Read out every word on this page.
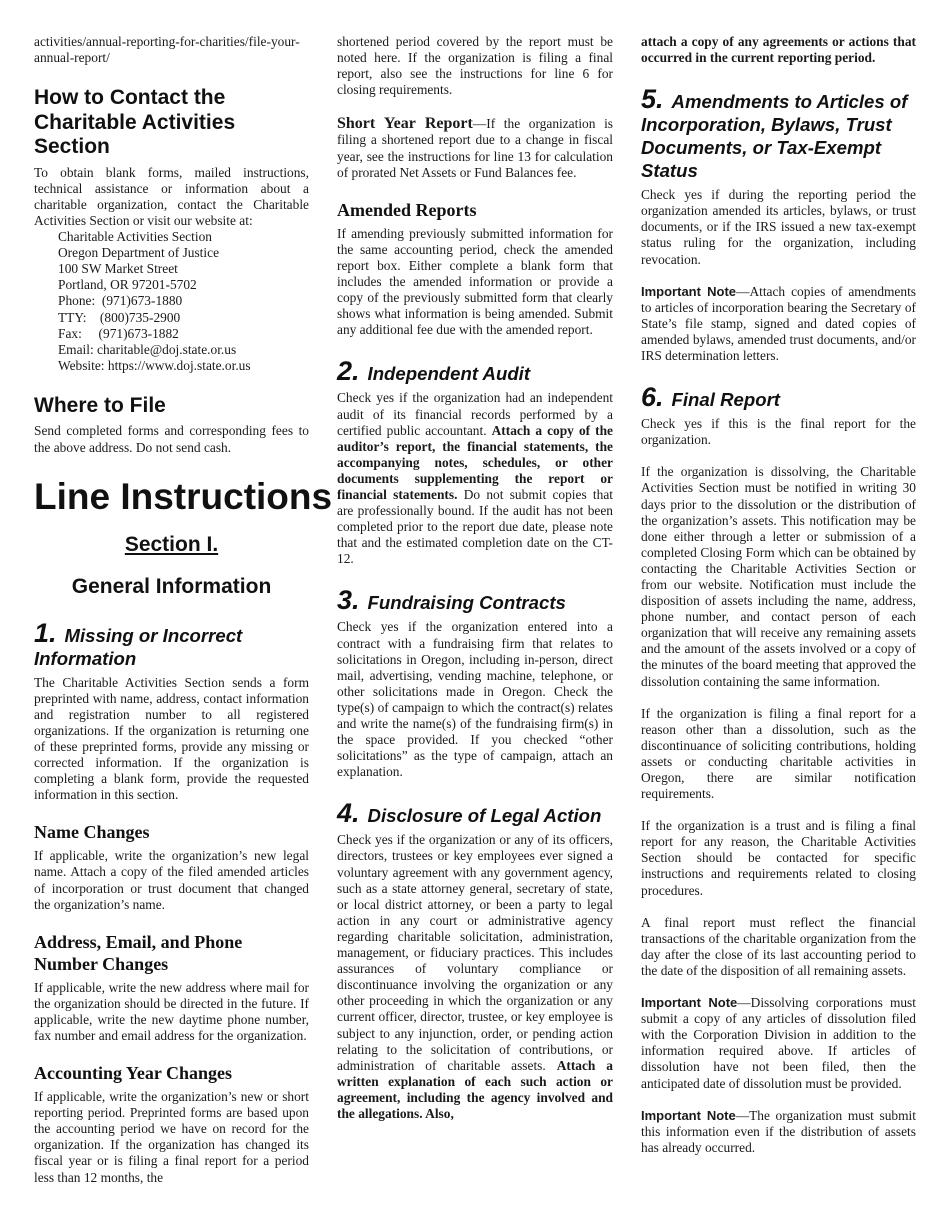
activities/annual-reporting-for-charities/file-your-annual-report/

How to Contact the Charitable Activities Section

To obtain blank forms, mailed instructions, technical assistance or information about a charitable organization, contact the Charitable Activities Section or visit our website at:

Charitable Activities Section
Oregon Department of Justice
100 SW Market Street
Portland, OR 97201-5702
Phone:  (971)673-1880
TTY:    (800)735-2900
Fax:     (971)673-1882
Email: charitable@doj.state.or.us
Website: https://www.doj.state.or.us
Where to File

Send completed forms and corresponding fees to the above address. Do not send cash.

Line Instructions
Section I.
General Information
1. Missing or Incorrect Information

The Charitable Activities Section sends a form preprinted with name, address, contact information and registration number to all registered organizations. If the organization is returning one of these preprinted forms, provide any missing or corrected information. If the organization is completing a blank form, provide the requested information in this section.

Name Changes

If applicable, write the organization’s new legal name. Attach a copy of the filed amended articles of incorporation or trust document that changed the organization’s name.

Address, Email, and Phone Number Changes

If applicable, write the new address where mail for the organization should be directed in the future. If applicable, write the new daytime phone number, fax number and email address for the organization.

Accounting Year Changes

If applicable, write the organization’s new or short reporting period. Preprinted forms are based upon the accounting period we have on record for the organization. If the organization has changed its fiscal year or is filing a final report for a period less than 12 months, the

shortened period covered by the report must be noted here. If the organization is filing a final report, also see the instructions for line 6 for closing requirements.

Short Year Report—If the organization is filing a shortened report due to a change in fiscal year, see the instructions for line 13 for calculation of prorated Net Assets or Fund Balances fee.

Amended Reports

If amending previously submitted information for the same accounting period, check the amended report box. Either complete a blank form that includes the amended information or provide a copy of the previously submitted form that clearly shows what information is being amended. Submit any additional fee due with the amended report.

2. Independent Audit

Check yes if the organization had an independent audit of its financial records performed by a certified public accountant. Attach a copy of the auditor’s report, the financial statements, the accompanying notes, schedules, or other documents supplementing the report or financial statements. Do not submit copies that are professionally bound. If the audit has not been completed prior to the report due date, please note that and the estimated completion date on the CT-12.

3. Fundraising Contracts

Check yes if the organization entered into a contract with a fundraising firm that relates to solicitations in Oregon, including in-person, direct mail, advertising, vending machine, telephone, or other solicitations made in Oregon. Check the type(s) of campaign to which the contract(s) relates and write the name(s) of the fundraising firm(s) in the space provided. If you checked “other solicitations” as the type of campaign, attach an explanation.

4. Disclosure of Legal Action

Check yes if the organization or any of its officers, directors, trustees or key employees ever signed a voluntary agreement with any government agency, such as a state attorney general, secretary of state, or local district attorney, or been a party to legal action in any court or administrative agency regarding charitable solicitation, administration, management, or fiduciary practices. This includes assurances of voluntary compliance or discontinuance involving the organization or any other proceeding in which the organization or any current officer, director, trustee, or key employee is subject to any injunction, order, or pending action relating to the solicitation of contributions, or administration of charitable assets. Attach a written explanation of each such action or agreement, including the agency involved and the allegations. Also,

attach a copy of any agreements or actions that occurred in the current reporting period.

5. Amendments to Articles of Incorporation, Bylaws, Trust Documents, or Tax-Exempt Status

Check yes if during the reporting period the organization amended its articles, bylaws, or trust documents, or if the IRS issued a new tax-exempt status ruling for the organization, including revocation.

Important Note—Attach copies of amendments to articles of incorporation bearing the Secretary of State’s file stamp, signed and dated copies of amended bylaws, amended trust documents, and/or IRS determination letters.

6. Final Report

Check yes if this is the final report for the organization.

If the organization is dissolving, the Charitable Activities Section must be notified in writing 30 days prior to the dissolution or the distribution of the organization’s assets. This notification may be done either through a letter or submission of a completed Closing Form which can be obtained by contacting the Charitable Activities Section or from our website. Notification must include the disposition of assets including the name, address, phone number, and contact person of each organization that will receive any remaining assets and the amount of the assets involved or a copy of the minutes of the board meeting that approved the dissolution containing the same information.

If the organization is filing a final report for a reason other than a dissolution, such as the discontinuance of soliciting contributions, holding assets or conducting charitable activities in Oregon, there are similar notification requirements.

If the organization is a trust and is filing a final report for any reason, the Charitable Activities Section should be contacted for specific instructions and requirements related to closing procedures.

A final report must reflect the financial transactions of the charitable organization from the day after the close of its last accounting period to the date of the disposition of all remaining assets.

Important Note—Dissolving corporations must submit a copy of any articles of dissolution filed with the Corporation Division in addition to the information required above. If articles of dissolution have not been filed, then the anticipated date of dissolution must be provided.

Important Note—The organization must submit this information even if the distribution of assets has already occurred.
